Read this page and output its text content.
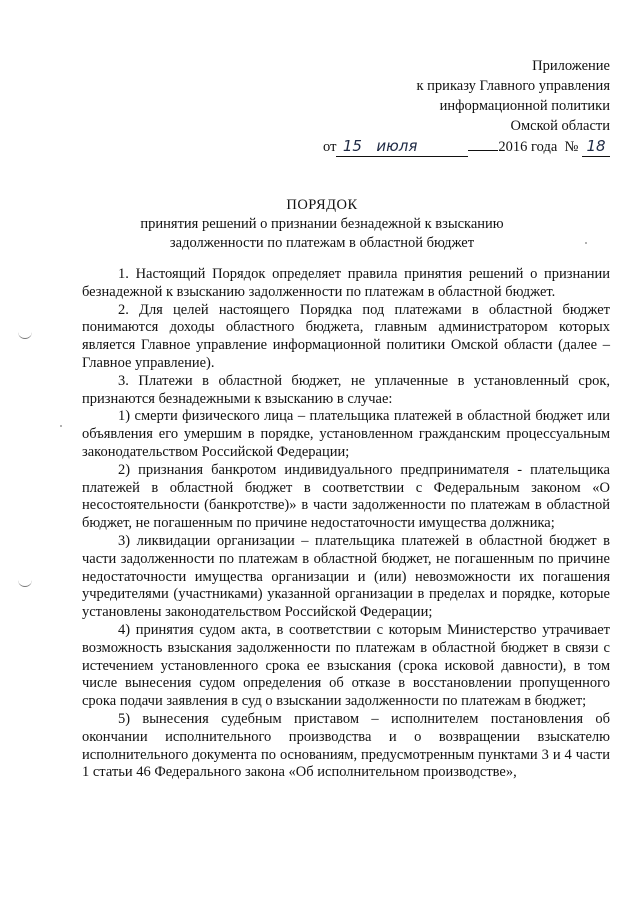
Приложение
к приказу Главного управления
информационной политики
Омской области
от 15 июля	2016 года № 18
ПОРЯДОК
принятия решений о признании безнадежной к взысканию
задолженности по платежам в областной бюджет

1. Настоящий Порядок определяет правила принятия решений о признании безнадежной к взысканию задолженности по платежам в областной бюджет.

2. Для целей настоящего Порядка под платежами в областной бюджет понимаются доходы областного бюджета, главным администратором которых является Главное управление информационной политики Омской области (далее – Главное управление).

3. Платежи в областной бюджет, не уплаченные в установленный срок, признаются безнадежными к взысканию в случае:

1) смерти физического лица – плательщика платежей в областной бюджет или объявления его умершим в порядке, установленном гражданским процессуальным законодательством Российской Федерации;

2) признания банкротом индивидуального предпринимателя - плательщика платежей в областной бюджет в соответствии с Федеральным законом «О несостоятельности (банкротстве)» в части задолженности по платежам в областной бюджет, не погашенным по причине недостаточности имущества должника;

3) ликвидации организации – плательщика платежей в областной бюджет в части задолженности по платежам в областной бюджет, не погашенным по причине недостаточности имущества организации и (или) невозможности их погашения учредителями (участниками) указанной организации в пределах и порядке, которые установлены законодательством Российской Федерации;

4) принятия судом акта, в соответствии с которым Министерство утрачивает возможность взыскания задолженности по платежам в областной бюджет в связи с истечением установленного срока ее взыскания (срока исковой давности), в том числе вынесения судом определения об отказе в восстановлении пропущенного срока подачи заявления в суд о взыскании задолженности по платежам в бюджет;

5) вынесения судебным приставом – исполнителем постановления об окончании исполнительного производства и о возвращении взыскателю исполнительного документа по основаниям, предусмотренным пунктами 3 и 4 части 1 статьи 46 Федерального закона «Об исполнительном производстве»,
